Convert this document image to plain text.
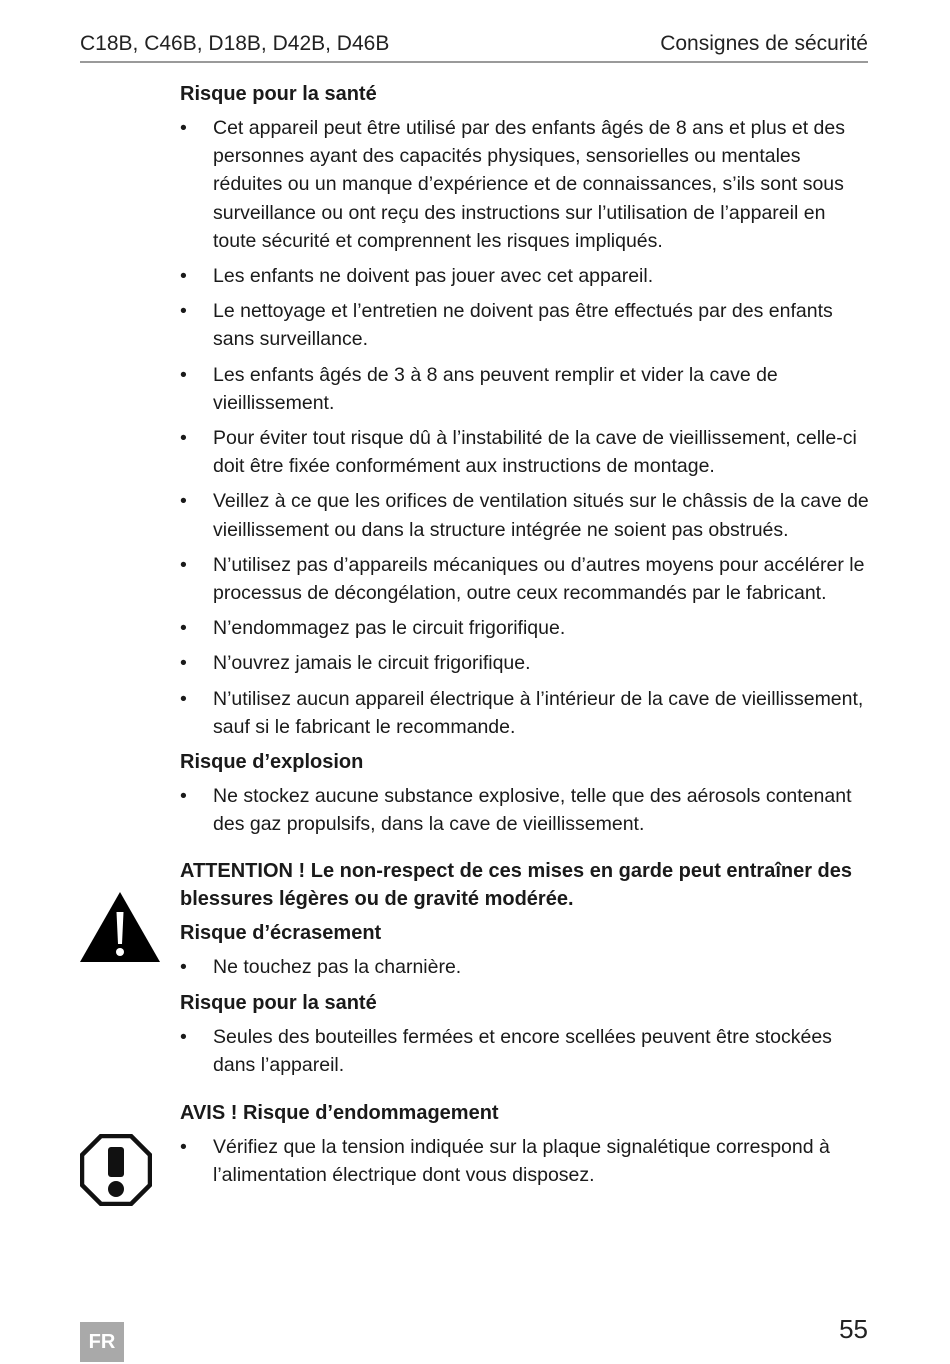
C18B, C46B, D18B, D42B, D46B	Consignes de sécurité
Risque pour la santé
• Cet appareil peut être utilisé par des enfants âgés de 8 ans et plus et des personnes ayant des capacités physiques, sensorielles ou mentales réduites ou un manque d’expérience et de connaissances, s’ils sont sous surveillance ou ont reçu des instructions sur l’utilisation de l’appareil en toute sécurité et comprennent les risques impliqués.
• Les enfants ne doivent pas jouer avec cet appareil.
• Le nettoyage et l’entretien ne doivent pas être effectués par des enfants sans surveillance.
• Les enfants âgés de 3 à 8 ans peuvent remplir et vider la cave de vieillissement.
• Pour éviter tout risque dû à l’instabilité de la cave de vieillissement, celle-ci doit être fixée conformément aux instructions de montage.
• Veillez à ce que les orifices de ventilation situés sur le châssis de la cave de vieillissement ou dans la structure intégrée ne soient pas obstrués.
• N’utilisez pas d’appareils mécaniques ou d’autres moyens pour accélérer le processus de décongélation, outre ceux recommandés par le fabricant.
• N’endommagez pas le circuit frigorifique.
• N’ouvrez jamais le circuit frigorifique.
• N’utilisez aucun appareil électrique à l’intérieur de la cave de vieillissement, sauf si le fabricant le recommande.
Risque d’explosion
• Ne stockez aucune substance explosive, telle que des aérosols contenant des gaz propulsifs, dans la cave de vieillissement.
ATTENTION ! Le non-respect de ces mises en garde peut entraîner des blessures légères ou de gravité modérée.
Risque d’écrasement
• Ne touchez pas la charnière.
Risque pour la santé
• Seules des bouteilles fermées et encore scellées peuvent être stockées dans l’appareil.
AVIS ! Risque d’endommagement
• Vérifiez que la tension indiquée sur la plaque signalétique correspond à l’alimentation électrique dont vous disposez.
FR	55
